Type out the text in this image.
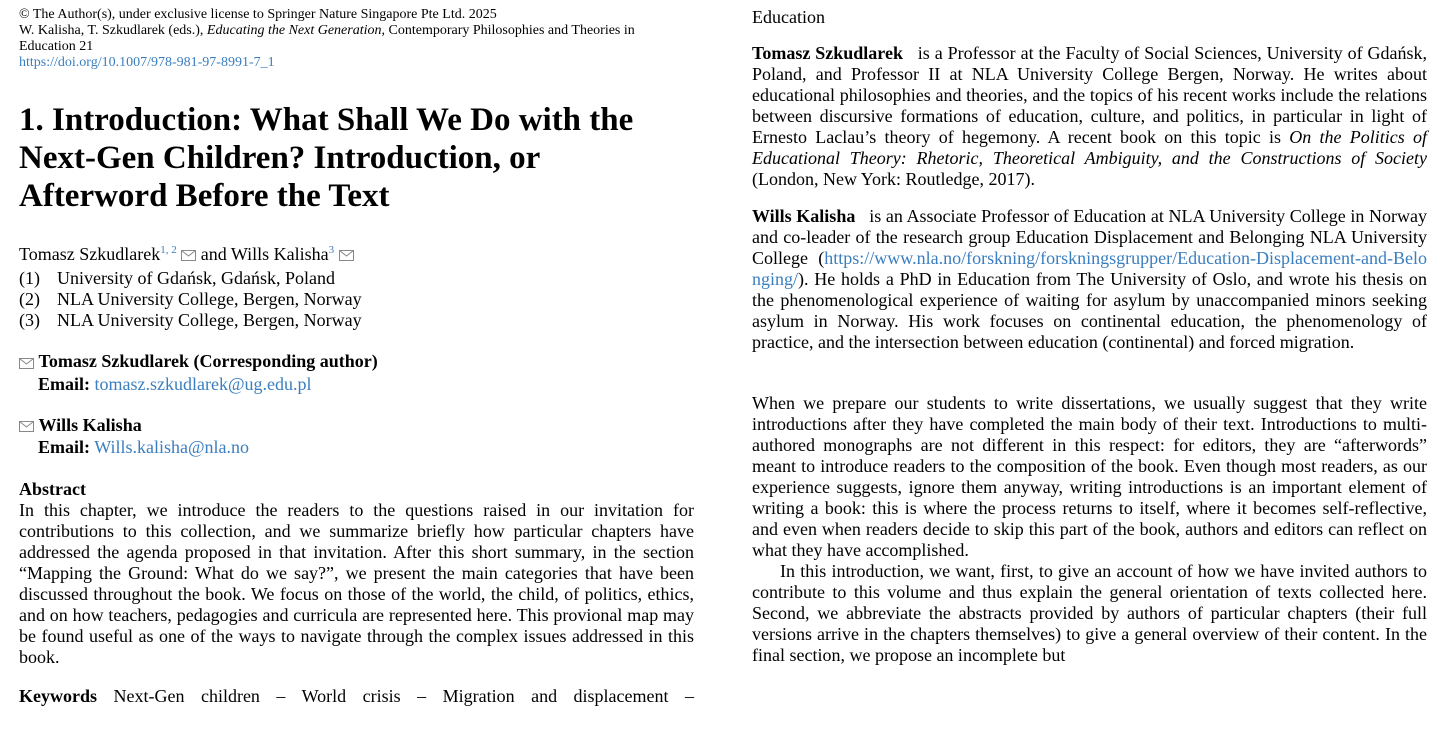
© The Author(s), under exclusive license to Springer Nature Singapore Pte Ltd. 2025
W. Kalisha, T. Szkudlarek (eds.), Educating the Next Generation, Contemporary Philosophies and Theories in Education 21
https://doi.org/10.1007/978-981-97-8991-7_1
1. Introduction: What Shall We Do with the Next-Gen Children? Introduction, or Afterword Before the Text
Tomasz Szkudlarek$^{1, 2}$  and Wills Kalisha$^3$
(1) University of Gdańsk, Gdańsk, Poland
(2) NLA University College, Bergen, Norway
(3) NLA University College, Bergen, Norway
Tomasz Szkudlarek (Corresponding author)
Email: tomasz.szkudlarek@ug.edu.pl
Wills Kalisha
Email: Wills.kalisha@nla.no
Abstract
In this chapter, we introduce the readers to the questions raised in our invitation for contributions to this collection, and we summarize briefly how particular chapters have addressed the agenda proposed in that invitation. After this short summary, in the section “Mapping the Ground: What do we say?”, we present the main categories that have been discussed throughout the book. We focus on those of the world, the child, of politics, ethics, and on how teachers, pedagogies and curricula are represented here. This provional map may be found useful as one of the ways to navigate through the complex issues addressed in this book.
Keywords Next-Gen children – World crisis – Migration and displacement –
Education
Tomasz Szkudlarek is a Professor at the Faculty of Social Sciences, University of Gdańsk, Poland, and Professor II at NLA University College Bergen, Norway. He writes about educational philosophies and theories, and the topics of his recent works include the relations between discursive formations of education, culture, and politics, in particular in light of Ernesto Laclau’s theory of hegemony. A recent book on this topic is On the Politics of Educational Theory: Rhetoric, Theoretical Ambiguity, and the Constructions of Society (London, New York: Routledge, 2017).
Wills Kalisha is an Associate Professor of Education at NLA University College in Norway and co-leader of the research group Education Displacement and Belonging NLA University College (https://www.nla.no/forskning/forskningsgrupper/Education-Displacement-and-Belonging/). He holds a PhD in Education from The University of Oslo, and wrote his thesis on the phenomenological experience of waiting for asylum by unaccompanied minors seeking asylum in Norway. His work focuses on continental education, the phenomenology of practice, and the intersection between education (continental) and forced migration.
When we prepare our students to write dissertations, we usually suggest that they write introductions after they have completed the main body of their text. Introductions to multi-authored monographs are not different in this respect: for editors, they are “afterwords” meant to introduce readers to the composition of the book. Even though most readers, as our experience suggests, ignore them anyway, writing introductions is an important element of writing a book: this is where the process returns to itself, where it becomes self-reflective, and even when readers decide to skip this part of the book, authors and editors can reflect on what they have accomplished.
In this introduction, we want, first, to give an account of how we have invited authors to contribute to this volume and thus explain the general orientation of texts collected here. Second, we abbreviate the abstracts provided by authors of particular chapters (their full versions arrive in the chapters themselves) to give a general overview of their content. In the final section, we propose an incomplete but
